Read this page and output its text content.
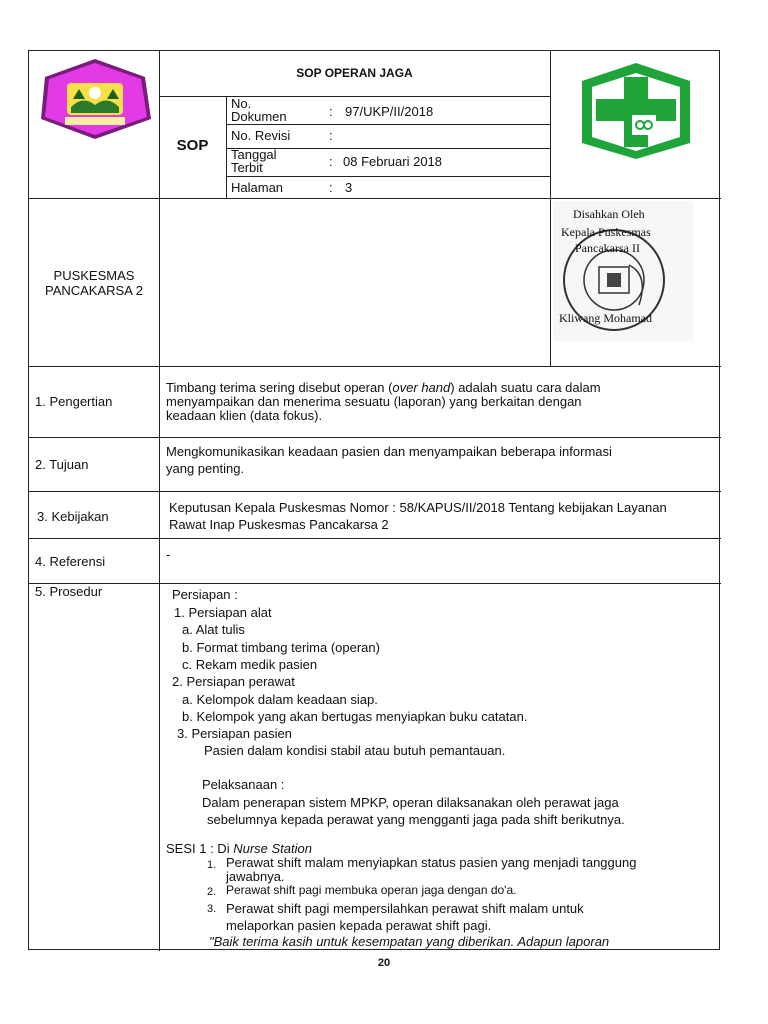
SOP OPERAN JAGA
SOP
No.
Dokumen	: 97/UKP/II/2018
No. Revisi	:
Tanggal
Terbit	: 08 Februari 2018
Halaman	: 3
PUSKESMAS
PANCAKARSA 2
Disahkan Oleh
Kepala Puskesmas
Pancakarsa II
Kliwang Mohamad
1. Pengertian
Timbang terima sering disebut operan (over hand) adalah suatu cara dalam
menyampaikan dan menerima sesuatu (laporan) yang berkaitan dengan
keadaan klien (data fokus).
2. Tujuan
Mengkomunikasikan keadaan pasien dan menyampaikan beberapa informasi
yang penting.
3. Kebijakan
Keputusan Kepala Puskesmas Nomor : 58/KAPUS/II/2018 Tentang kebijakan Layanan
Rawat Inap Puskesmas Pancakarsa 2
4. Referensi	-
5. Prosedur	Persiapan :
1. Persiapan alat
a. Alat tulis
b. Format timbang terima (operan)
c. Rekam medik pasien
2. Persiapan perawat
a. Kelompok dalam keadaan siap.
b. Kelompok yang akan bertugas menyiapkan buku catatan.
3. Persiapan pasien
Pasien dalam kondisi stabil atau butuh pemantauan.
Pelaksanaan :
Dalam penerapan sistem MPKP, operan dilaksanakan oleh perawat jaga
sebelumnya kepada perawat yang mengganti jaga pada shift berikutnya.
SESI 1 : Di Nurse Station
1. Perawat shift malam menyiapkan status pasien yang menjadi tanggung
jawabnya.
2. Perawat shift pagi membuka operan jaga dengan do'a.
3. Perawat shift pagi mempersilahkan perawat shift malam untuk
melaporkan pasien kepada perawat shift pagi.
"Baik terima kasih untuk kesempatan yang diberikan. Adapun laporan
20
